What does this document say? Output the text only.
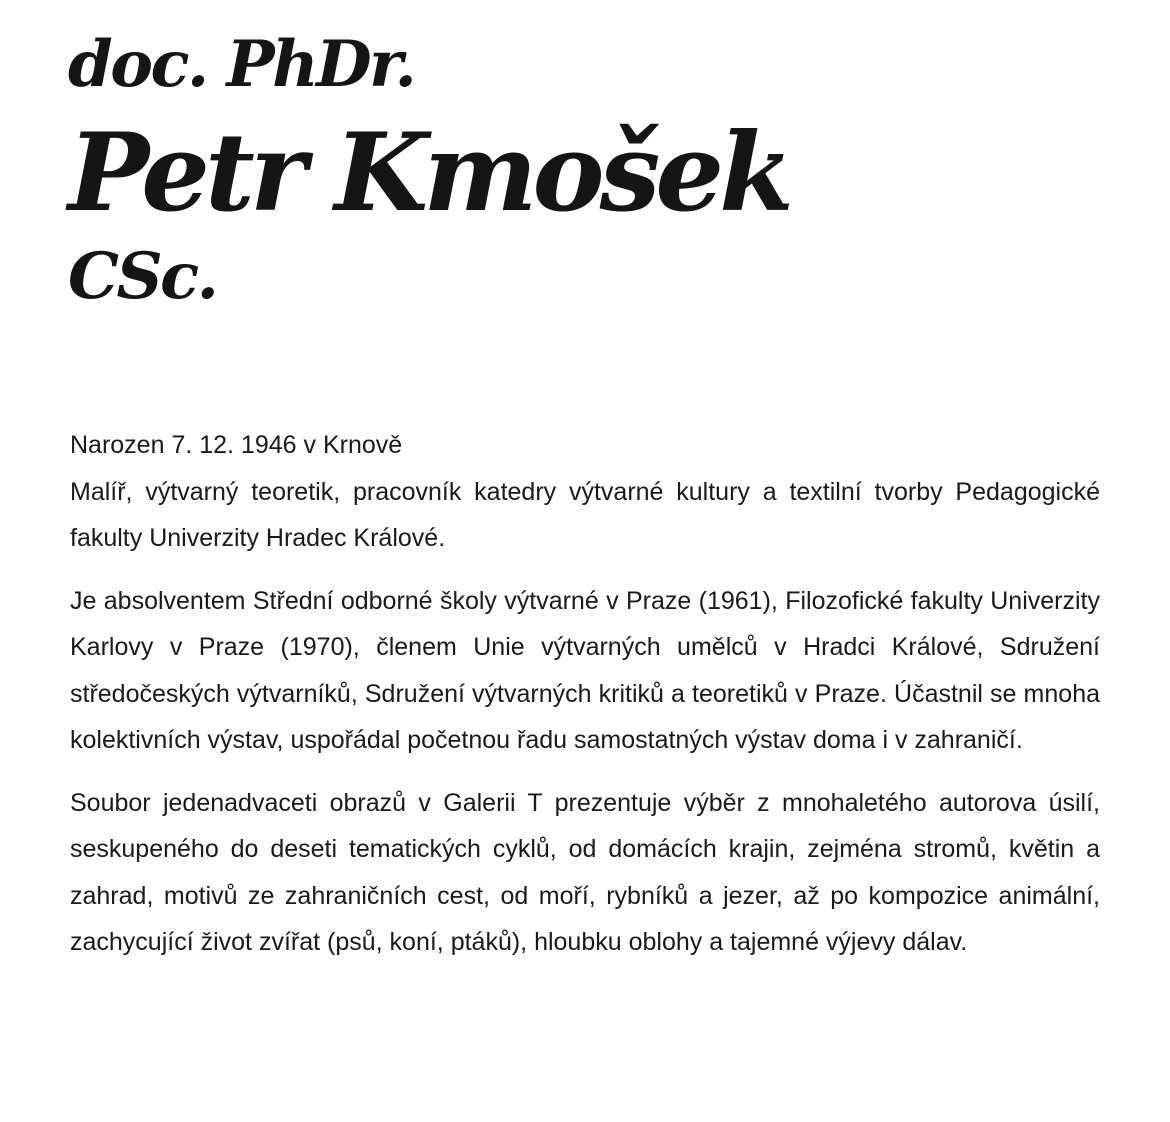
doc. PhDr.
Petr Kmošek
CSc.

Narozen 7. 12. 1946 v Krnově

Malíř, výtvarný teoretik, pracovník katedry výtvarné kultury a textilní tvorby Pedagogické fakulty Univerzity Hradec Králové.

Je absolventem Střední odborné školy výtvarné v Praze (1961), Filozofické fakulty Univerzity Karlovy v Praze (1970), členem Unie výtvarných umělců v Hradci Králové, Sdružení středočeských výtvarníků, Sdružení výtvarných kritiků a teoretiků v Praze. Účastnil se mnoha kolektivních výstav, uspořádal početnou řadu samostatných výstav doma i v zahraničí.

Soubor jedenadvaceti obrazů v Galerii T prezentuje výběr z mnohaletého autorova úsilí, seskupeného do deseti tematických cyklů, od domácích krajin, zejména stromů, květin a zahrad, motivů ze zahraničních cest, od moří, rybníků a jezer, až po kompozice animální, zachycující život zvířat (psů, koní, ptáků), hloubku oblohy a tajemné výjevy dálav.
